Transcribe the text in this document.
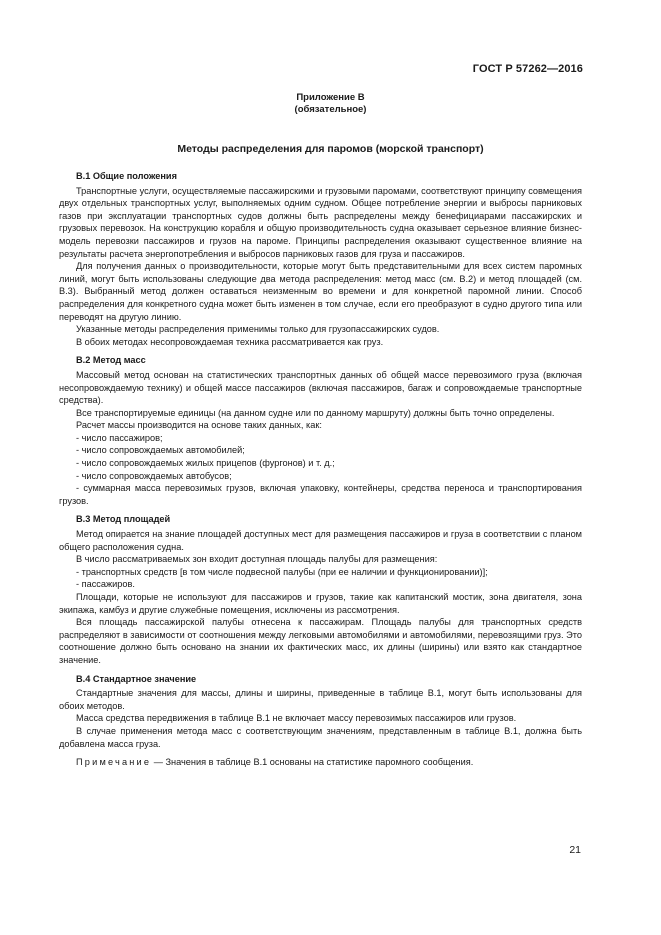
ГОСТ Р 57262—2016
Приложение В
(обязательное)
Методы распределения для паромов (морской транспорт)
В.1 Общие положения

Транспортные услуги, осуществляемые пассажирскими и грузовыми паромами, соответствуют принципу совмещения двух отдельных транспортных услуг, выполняемых одним судном. Общее потребление энергии и выбросы парниковых газов при эксплуатации транспортных судов должны быть распределены между бенефициарами пассажирских и грузовых перевозок. На конструкцию корабля и общую производительность судна оказывает серьезное влияние бизнес-модель перевозки пассажиров и грузов на пароме. Принципы распределения оказывают существенное влияние на результаты расчета энергопотребления и выбросов парниковых газов для груза и пассажиров.

Для получения данных о производительности, которые могут быть представительными для всех систем паромных линий, могут быть использованы следующие два метода распределения: метод масс (см. В.2) и метод площадей (см. В.3). Выбранный метод должен оставаться неизменным во времени и для конкретной паромной линии. Способ распределения для конкретного судна может быть изменен в том случае, если его преобразуют в судно другого типа или переводят на другую линию.

Указанные методы распределения применимы только для грузопассажирских судов.

В обоих методах несопровождаемая техника рассматривается как груз.

В.2 Метод масс

Массовый метод основан на статистических транспортных данных об общей массе перевозимого груза (включая несопровождаемую технику) и общей массе пассажиров (включая пассажиров, багаж и сопровождаемые транспортные средства).

Все транспортируемые единицы (на данном судне или по данному маршруту) должны быть точно определены.

Расчет массы производится на основе таких данных, как:

- число пассажиров;
- число сопровождаемых автомобилей;
- число сопровождаемых жилых прицепов (фургонов) и т. д.;
- число сопровождаемых автобусов;
- суммарная масса перевозимых грузов, включая упаковку, контейнеры, средства переноса и транспортирования грузов.
В.3 Метод площадей

Метод опирается на знание площадей доступных мест для размещения пассажиров и груза в соответствии с планом общего расположения судна.

В число рассматриваемых зон входит доступная площадь палубы для размещения:

- транспортных средств [в том числе подвесной палубы (при ее наличии и функционировании)];
- пассажиров.

Площади, которые не используют для пассажиров и грузов, такие как капитанский мостик, зона двигателя, зона экипажа, камбуз и другие служебные помещения, исключены из рассмотрения.

Вся площадь пассажирской палубы отнесена к пассажирам. Площадь палубы для транспортных средств распределяют в зависимости от соотношения между легковыми автомобилями и автомобилями, перевозящими груз. Это соотношение должно быть основано на знании их фактических масс, их длины (ширины) или взято как стандартное значение.

В.4 Стандартное значение

Стандартные значения для массы, длины и ширины, приведенные в таблице В.1, могут быть использованы для обоих методов.

Масса средства передвижения в таблице В.1 не включает массу перевозимых пассажиров или грузов.

В случае применения метода масс с соответствующим значениям, представленным в таблице В.1, должна быть добавлена масса груза.

Примечание — Значения в таблице В.1 основаны на статистике паромного сообщения.

21
